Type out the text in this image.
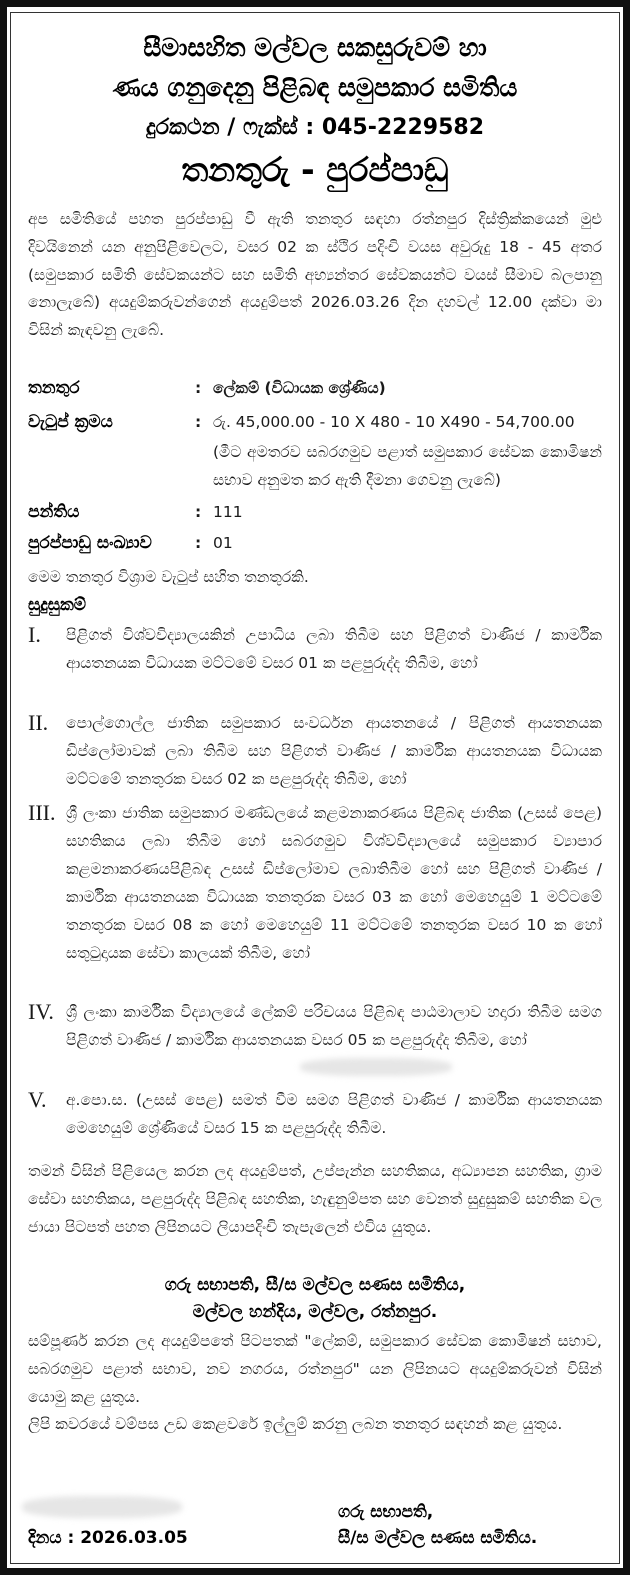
සීමාසහිත මල්වල සකසුරුවම් හා
ණය ගනුදෙනු පිළිබඳ සමුපකාර සමිතිය
දුරකථන / ෆැක්ස් : 045-2229582
තනතුරු - පුරප්පාඩු
අප සමිතියේ පහත පුරප්පාඩු වී ඇති තනතුර සඳහා රත්නපුර දිස්ත්‍රික්කයෙන් මුළු දිවයිනෙන් යන අනුපිළිවෙලට, වසර 02 ක ස්ථිර පදිංචි වයස අවුරුදු 18 - 45 අතර (සමුපකාර සමිති සේවකයන්ට සහ සමිති අභ්‍යන්තර සේවකයන්ට වයස් සීමාව බලපානු නොලැබේ) අයදුම්කරුවන්ගෙන් අයදුම්පත් 2026.03.26 දින දහවල් 12.00 දක්වා මා විසින් කැඳවනු ලැබේ.
තනතුර	: ලේකම් (විධායක ශ්‍රේණිය)
වැටුප් ක්‍රමය	: රු. 45,000.00 - 10 X 480 - 10 X490 - 54,700.00
(මීට අමතරව සබරගමුව පළාත් සමුපකාර සේවක කොමිෂන් සභාව අනුමත කර ඇති දීමනා ගෙවනු ලැබේ)
පන්තිය	: 111
පුරප්පාඩු සංඛ්‍යාව	: 01
මෙම තනතුර විශ්‍රාම වැටුප් සහිත තනතුරකි.
සුදුසුකම්
I. පිළිගත් විශ්වවිද්‍යාලයකින් උපාධිය ලබා තිබීම සහ පිළිගත් වාණිජ / කාර්මික ආයතනයක විධායක මට්ටමේ වසර 01 ක පළපුරුද්ද තිබීම, හෝ
II. පොල්ගොල්ල ජාතික සමුපකාර සංවර්ධන ආයතනයේ / පිළිගත් ආයතනයක ඩිප්ලෝමාවක් ලබා තිබීම සහ පිළිගත් වාණිජ / කාර්මික ආයතනයක විධායක මට්ටමේ තනතුරක වසර 02 ක පළපුරුද්ද තිබීම, හෝ
III. ශ්‍රී ලංකා ජාතික සමුපකාර මණ්ඩලයේ කළමනාකරණය පිළිබඳ ජාතික (උසස් පෙළ) සහතිකය ලබා තිබීම හෝ සබරගමුව විශ්වවිද්‍යාලයේ සමුපකාර ව්‍යාපාර කළමනාකරණයපිළිබඳ උසස් ඩිප්ලෝමාව ලබාතිබීම හෝ සහ පිළිගත් වාණිජ / කාර්මික ආයතනයක විධායක තනතුරක වසර 03 ක හෝ මෙහෙයුම් 1 මට්ටමේ තනතුරක වසර 08 ක හෝ මෙහෙයුම් 11 මට්ටමේ තනතුරක වසර 10 ක හෝ සතුටුදායක සේවා කාලයක් තිබීම, හෝ
IV. ශ්‍රී ලංකා කාර්මික විද්‍යාලයේ ලේකම් පරිචයය පිළිබඳ පාඨමාලාව හදාරා තිබීම සමග පිළිගත් වාණිජ / කාර්මික ආයතනයක වසර 05 ක පළපුරුද්ද තිබීම, හෝ
V. අ.පො.ස. (උසස් පෙළ) සමත් වීම සමග පිළිගත් වාණිජ / කාර්මික ආයතනයක මෙහෙයුම් ශ්‍රේණියේ වසර 15 ක පළපුරුද්ද තිබීම.
තමන් විසින් පිළියෙල කරන ලද අයදුම්පත්, උප්පැන්න සහතිකය, අධ්‍යාපන සහතික, ග්‍රාම සේවා සහතිකය, පළපුරුද්ද පිළිබඳ සහතික, හැඳුනුම්පත සහ වෙනත් සුදුසුකම් සහතික වල ජායා පිටපත් පහත ලිපිනයට ලියාපදිංචි තැපැලෙන් එවිය යුතුය.
ගරු සභාපති, සී/ස මල්වල සණස සමිතිය,
මල්වල හන්දිය, මල්වල, රත්නපුර.
සම්පූර්ණ කරන ලද අයදුම්පතේ පිටපතක් "ලේකම්, සමුපකාර සේවක කොමිෂන් සභාව, සබරගමුව පළාත් සභාව, නව නගරය, රත්නපුර" යන ලිපිනයට අයදුම්කරුවන් විසින් යොමු කළ යුතුය.
ලිපි කවරයේ වම්පස උඩ කෙළවරේ ඉල්ලුම් කරනු ලබන තනතුර සඳහන් කළ යුතුය.
දිනය : 2026.03.05
ගරු සභාපති,
සී/ස මල්වල සණස සමිතිය.
